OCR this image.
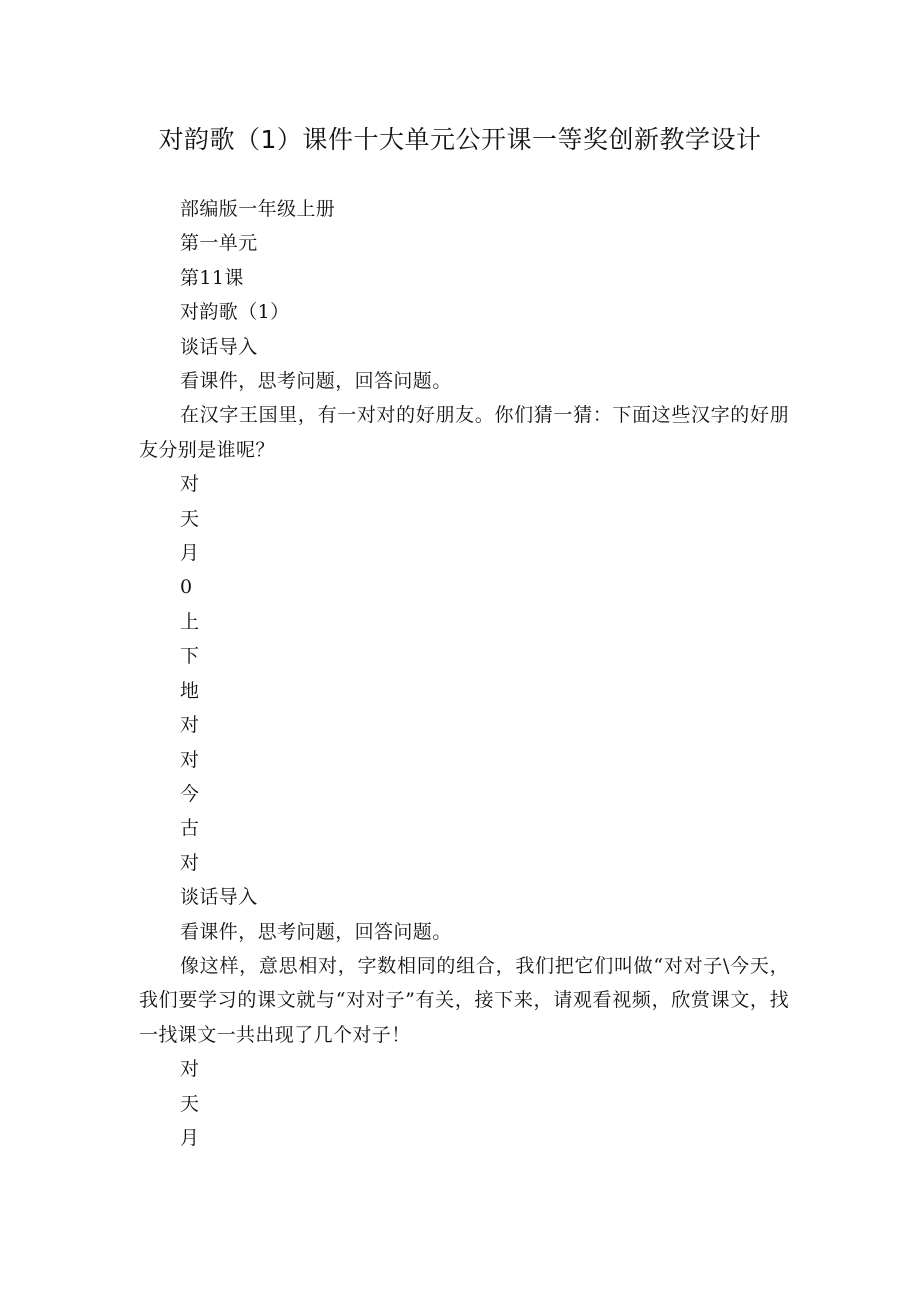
对韵歌（1）课件十大单元公开课一等奖创新教学设计

部编版一年级上册

第一单元

第11课

对韵歌（1）

谈话导入

看课件，思考问题，回答问题。

在汉字王国里，有一对对的好朋友。你们猜一猜：下面这些汉字的好朋友分别是谁呢？

对

天

月

0

上

下

地

对

对

今

古

对

谈话导入

看课件，思考问题，回答问题。

像这样，意思相对，字数相同的组合，我们把它们叫做“对对子\今天，我们要学习的课文就与“对对子”有关，接下来，请观看视频，欣赏课文，找一找课文一共出现了几个对子！

对

天

月
